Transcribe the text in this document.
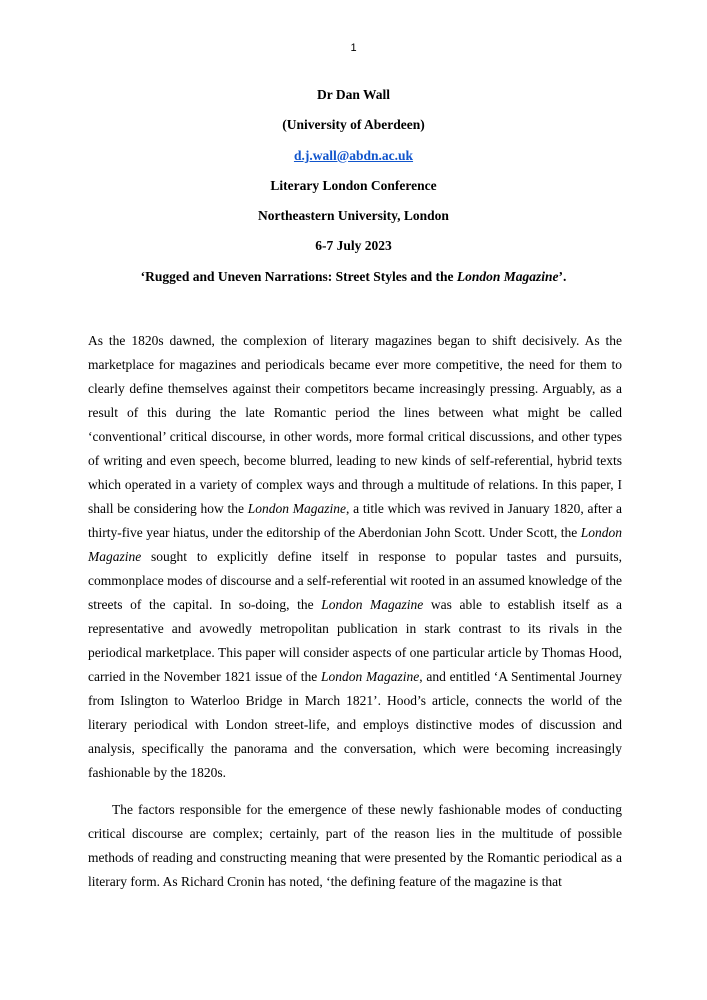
1
Dr Dan Wall
(University of Aberdeen)
d.j.wall@abdn.ac.uk
Literary London Conference
Northeastern University, London
6-7 July 2023
‘Rugged and Uneven Narrations: Street Styles and the London Magazine’.

As the 1820s dawned, the complexion of literary magazines began to shift decisively. As the marketplace for magazines and periodicals became ever more competitive, the need for them to clearly define themselves against their competitors became increasingly pressing. Arguably, as a result of this during the late Romantic period the lines between what might be called ‘conventional’ critical discourse, in other words, more formal critical discussions, and other types of writing and even speech, become blurred, leading to new kinds of self-referential, hybrid texts which operated in a variety of complex ways and through a multitude of relations. In this paper, I shall be considering how the London Magazine, a title which was revived in January 1820, after a thirty-five year hiatus, under the editorship of the Aberdonian John Scott. Under Scott, the London Magazine sought to explicitly define itself in response to popular tastes and pursuits, commonplace modes of discourse and a self-referential wit rooted in an assumed knowledge of the streets of the capital. In so-doing, the London Magazine was able to establish itself as a representative and avowedly metropolitan publication in stark contrast to its rivals in the periodical marketplace. This paper will consider aspects of one particular article by Thomas Hood, carried in the November 1821 issue of the London Magazine, and entitled ‘A Sentimental Journey from Islington to Waterloo Bridge in March 1821’. Hood’s article, connects the world of the literary periodical with London street-life, and employs distinctive modes of discussion and analysis, specifically the panorama and the conversation, which were becoming increasingly fashionable by the 1820s.

The factors responsible for the emergence of these newly fashionable modes of conducting critical discourse are complex; certainly, part of the reason lies in the multitude of possible methods of reading and constructing meaning that were presented by the Romantic periodical as a literary form. As Richard Cronin has noted, ‘the defining feature of the magazine is that
